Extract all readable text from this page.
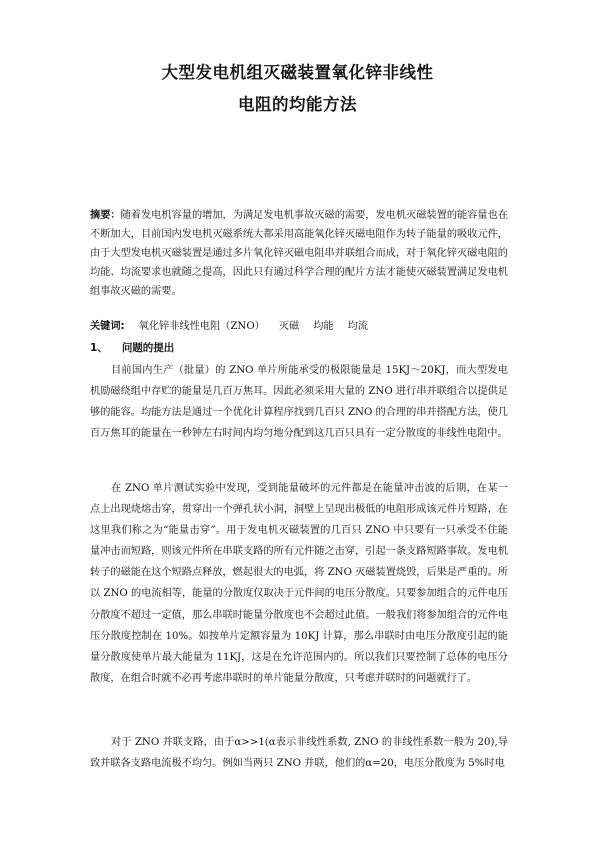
大型发电机组灭磁装置氧化锌非线性
电阻的均能方法

摘要：随着发电机容量的增加，为满足发电机事故灭磁的需要，发电机灭磁装置的能容量也在不断加大，目前国内发电机灭磁系统大都采用高能氧化锌灭磁电阻作为转子能量的吸收元件，由于大型发电机灭磁装置是通过多片氧化锌灭磁电阻串并联组合而成，对于氧化锌灭磁电阻的均能、均流要求也就随之提高，因此只有通过科学合理的配片方法才能使灭磁装置满足发电机组事故灭磁的需要。

关键词: 氧化锌非线性电阻（ZNO） 灭磁 均能 均流
1、 问题的提出

目前国内生产（批量）的 ZNO 单片所能承受的极限能量是 15KJ～20KJ，而大型发电机励磁绕组中存贮的能量是几百万焦耳。因此必须采用大量的 ZNO 进行串并联组合以提供足够的能容。均能方法是通过一个优化计算程序找到几百只 ZNO 的合理的串并搭配方法，使几百万焦耳的能量在一秒钟左右时间内均匀地分配到这几百只具有一定分散度的非线性电阻中。

在 ZNO 单片测试实验中发现，受到能量破坏的元件都是在能量冲击波的后期，在某一点上出现烧熔击穿，贯穿出一个弹孔状小洞，洞壁上呈现出极低的电阻形成该元件片短路，在这里我们称之为“能量击穿”。用于发电机灭磁装置的几百只 ZNO 中只要有一只承受不住能量冲击而短路，则该元件所在串联支路的所有元件随之击穿，引起一条支路短路事故。发电机转子的磁能在这个短路点释放，燃起很大的电弧，将 ZNO 灭磁装置烧毁，后果是严重的。所以 ZNO 的电流相等，能量的分散度仅取决于元件间的电压分散度。只要参加组合的元件电压分散度不超过一定值，那么串联时能量分散度也不会超过此值。一般我们将参加组合的元件电压分散度控制在 10%。如按单片定额容量为 10KJ 计算，那么串联时由电压分散度引起的能量分散度使单片最大能量为 11KJ，这是在允许范围内的。所以我们只要控制了总体的电压分散度，在组合时就不必再考虑串联时的单片能量分散度，只考虑并联时的问题就行了。

对于 ZNO 并联支路，由于α>>1(α表示非线性系数, ZNO 的非线性系数一般为 20),导致并联各支路电流极不均匀。例如当两只 ZNO 并联，他们的α=20，电压分散度为 5%时电
